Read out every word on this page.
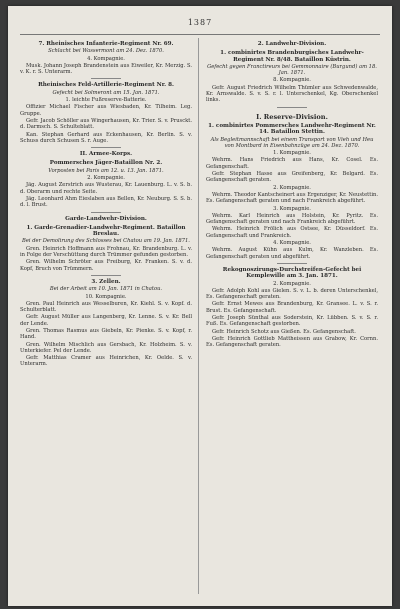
1387
7. Rheinisches Infanterie-Regiment Nr. 69.
Schlacht bei Wassermont am 24. Dez. 1870.
4. Kompagnie.
Musk. Johann Joseph Brandenstein aus Eiweiler, Kr. Merzig. S. v. K. r. S. Unterarm.
Rheinisches Feld-Artillerie-Regiment Nr. 8.
Gefecht bei Solmeront am 15. Jan. 1871.
1. leichte Fußreserve-Batterie.
Offizier Michael Fischer aus Wiesbaden, Kr. Tilheim. Leg. Gruppe.
Gefr. Jacob Schöller aus Wingerhausen, Kr. Trier. S. v. Prusckt. d. Darmsch. S. Schulteblatt.
Kan. Stephan Gerhard aus Eckenhausen, Kr. Berlin. S. v. Schuss durch Schusen S. r. Auge.
II. Armee-Korps.
Pommersches Jäger-Bataillon Nr. 2.
Vorposten bei Paris am 12. u. 13. Jan. 1871.
2. Kompagnie.
Jäg. August Zerstrich aus Wusterau, Kr. Lauenburg. L. v. S. b. d. Oberarm und rechte Seite.
Jäg. Leonhard Ahm Eieslaben aus Bellen, Kr. Neuburg. S. S. b. d. l. Brust.
Garde-Landwehr-Division.
1. Garde-Grenadier-Landwehr-Regiment. Bataillon Breslau.
Bei der Demolirung des Schlosses bei Chatou am 19. Jan. 1871.
Gren. Heinrich Hoffmann aus Frohnau, Kr. Brandenburg. L. v. in Folge der Verschüttung durch Trümmer gefunden gestorben.
Gren. Wilhelm Schröter aus Freiburg, Kr. Franken. S. v. d. Kopf, Bruch von Trümmern.
3. Zellen.
Bei der Arbeit am 10. Jan. 1871 in Chatou.
10. Kompagnie.
Gren. Paul Heinrich aus Wesselburen, Kr. Kiehl. S. v. Kopf. d. Schulterblatt.
Gefr. August Müller aus Langenberg, Kr. Lenne. S. v. Kr. Bell der Lende.
Gren. Thomas Rasmus aus Giebeln, Kr. Pienke. S. v. Kopf, r. Hand.
Gren. Wilhelm Mischlich aus Gersbach, Kr. Holzheim. S. v. Unterkiefer. Pel der Lende.
Gefr. Matthias Cramer aus Heinrichen, Kr. Oelde. S. v. Unterarm.
2. Landwehr-Division.
1. combinirtes Brandenburgisches Landwehr-Regiment Nr. 8/48. Bataillon Küstrin.
Gefecht gegen Franctireurs bei Gemmonnaire (Burgund) am 18. Jan. 1871.
8. Kompagnie.
Gefr. August Friedrich Wilhelm Thümler aus Schwedenwalde, Kr. Arnswalde. S. v. S. r. l. Unterschenkel, Kg. Oberschenkel links.
I. Reserve-Division.
1. combinirtes Pommersches Landwehr-Regiment Nr. 14. Bataillon Stettin.
Als Begleitmannschaft bei einem Transport von Vieh und Heu von Montbard in Eisenbahnzüge am 24. Dez. 1870.
1. Kompagnie.
Wehrm. Hans Friedrich aus Hans, Kr. Cosel. Es. Gefangenschaft.
Gefr. Stephan Hasse aus Greifenberg, Kr. Belgard. Es. Gefangenschaft geraten.
2. Kompagnie.
Wehrm. Theodor Kantscheinert aus Ergenziger, Kr. Neustettin. Es. Gefangenschaft geraten und nach Frankreich abgeführt.
3. Kompagnie.
Wehrm. Karl Heinrich aus Holstein, Kr. Pyritz. Es. Gefangenschaft geraten und nach Frankreich abgeführt.
Wehrm. Heinrich Frölich aus Ostsee, Kr. Düsseldorf. Es. Gefangenschaft und Frankreich.
4. Kompagnie.
Wehrm. August Kühn aus Kulm, Kr. Wanzleben. Es. Gefangenschaft geraten und abgeführt.
Rekognoszirungs-Durchstreifen-Gefecht bei Kemplewille am 3. Jan. 1871.
2. Kompagnie.
Gefr. Adolph Kohl aus Gielen. S. v. L. b. deren Unterschenkel, Es. Gefangenschaft geraten.
Gefr. Ernst Mewes aus Brandenburg, Kr. Gransee. L. v. S. r. Brust. Es. Gefangenschaft.
Gefr. Joseph Sünthal aus Soderstein, Kr. Lübben. S. v. S. r. Fuß. Es. Gefangenschaft gestorben.
Gefr. Heinrich Schotz aus Gießen. Es. Gefangenschaft.
Gefr. Heinrich Gottlieb Mattheissen aus Grabow, Kr. Cornn. Es. Gefangenschaft geraten.
